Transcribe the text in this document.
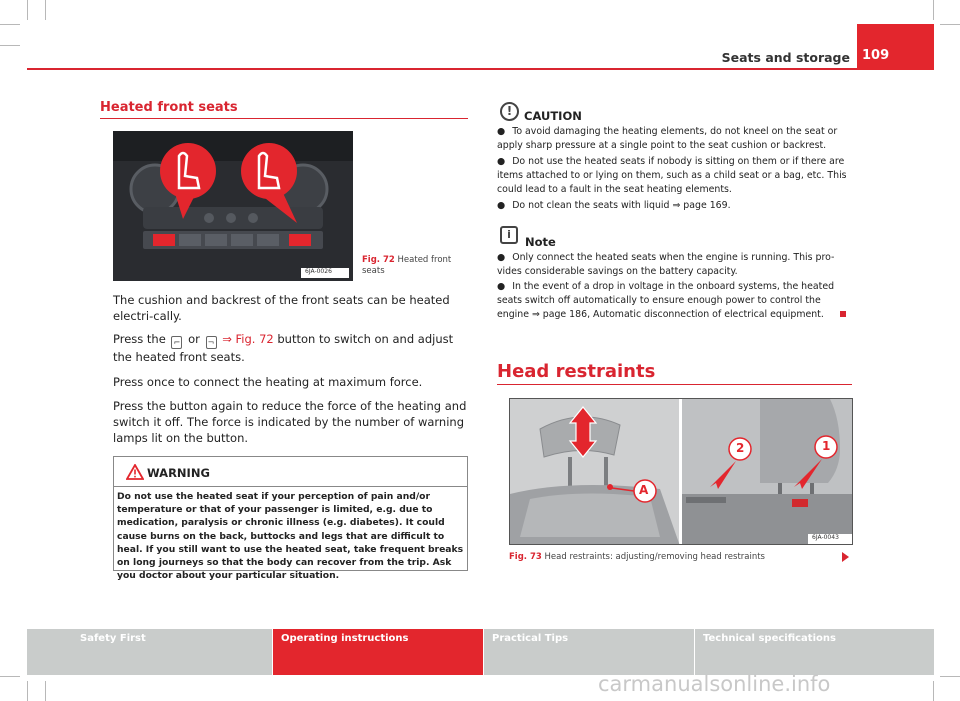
Seats and storage 109
Heated front seats
6JA-0026
Fig. 72 Heated front seats
The cushion and backrest of the front seats can be heated electri-cally.
Press the ⌐ or ¬ ⇒ Fig. 72 button to switch on and adjust the heated front seats.
Press once to connect the heating at maximum force.
Press the button again to reduce the force of the heating and switch it off. The force is indicated by the number of warning lamps lit on the button.
WARNING
Do not use the heated seat if your perception of pain and/or temperature or that of your passenger is limited, e.g. due to medication, paralysis or chronic illness (e.g. diabetes). It could cause burns on the back, buttocks and legs that are difficult to heal. If you still want to use the heated seat, take frequent breaks on long journeys so that the body can recover from the trip. Ask you doctor about your particular situation.
!	CAUTION
● To avoid damaging the heating elements, do not kneel on the seat or apply sharp pressure at a single point to the seat cushion or backrest.
● Do not use the heated seats if nobody is sitting on them or if there are items attached to or lying on them, such as a child seat or a bag, etc. This could lead to a fault in the seat heating elements.
● Do not clean the seats with liquid ⇒ page 169.
i
Note
● Only connect the heated seats when the engine is running. This pro-vides considerable savings on the battery capacity.
● In the event of a drop in voltage in the onboard systems, the heated seats switch off automatically to ensure enough power to control the engine ⇒ page 186, Automatic disconnection of electrical equipment.
Head restraints
A
2	1
6JA-0043
Fig. 73 Head restraints: adjusting/removing head restraints
Safety First	Operating instructions	Practical Tips	Technical specifications
carmanualsonline.info
